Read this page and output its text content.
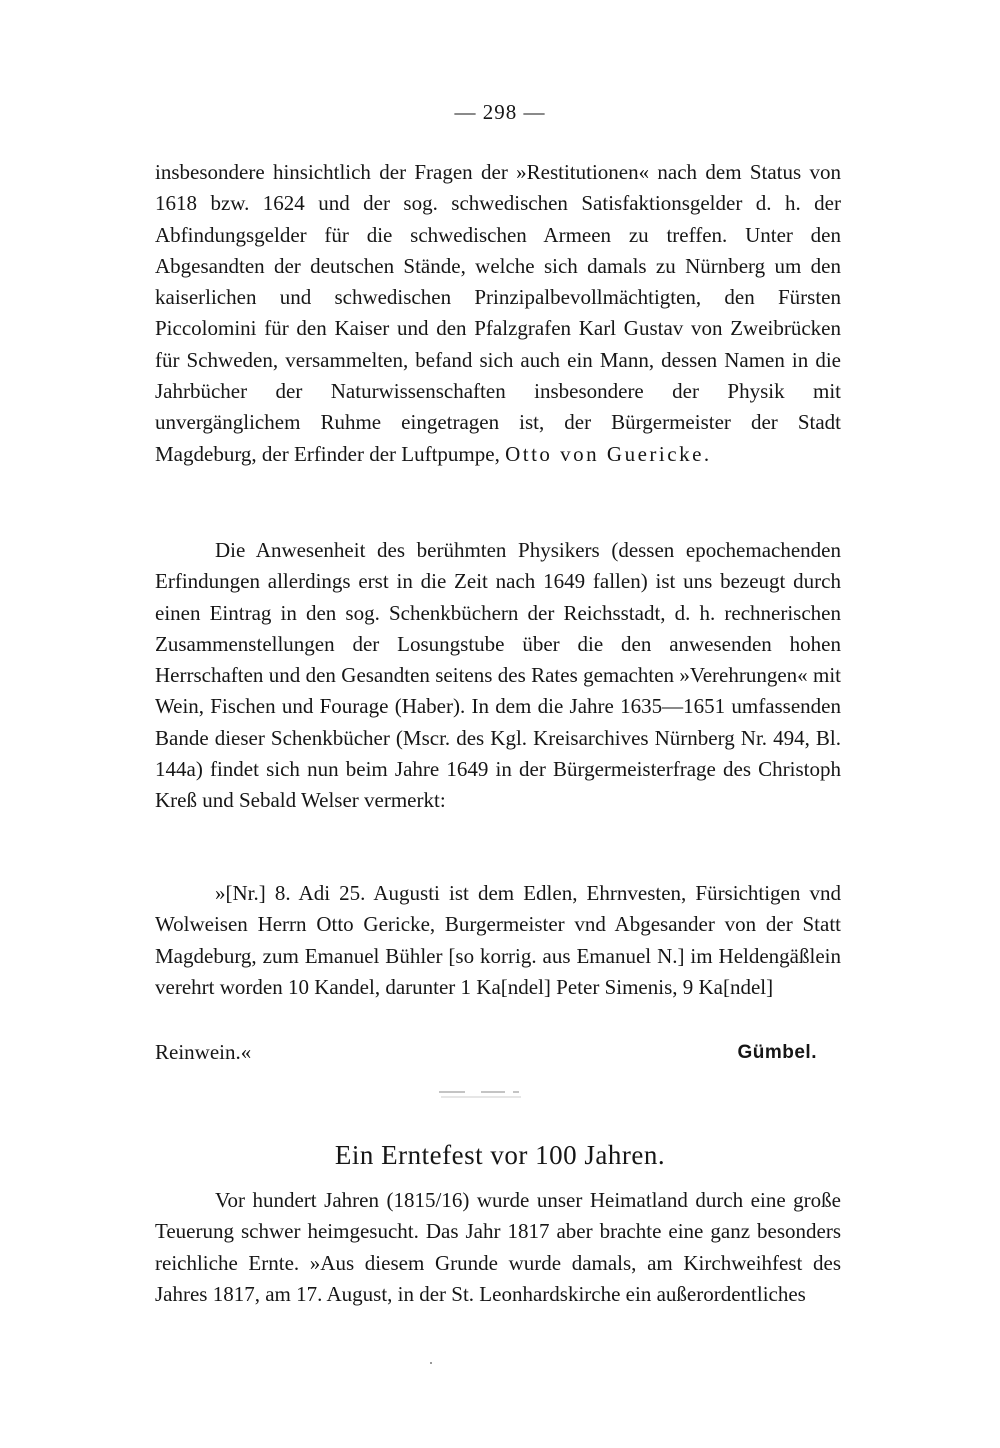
— 298 —

insbesondere hinsichtlich der Fragen der »Restitutionen« nach dem Status von 1618 bzw. 1624 und der sog. schwedischen Satisfaktionsgelder d. h. der Abfindungsgelder für die schwedischen Armeen zu treffen. Unter den Abgesandten der deutschen Stände, welche sich damals zu Nürnberg um den kaiserlichen und schwedischen Prinzipalbevollmächtigten, den Fürsten Piccolomini für den Kaiser und den Pfalzgrafen Karl Gustav von Zweibrücken für Schweden, versammelten, befand sich auch ein Mann, dessen Namen in die Jahrbücher der Naturwissenschaften insbesondere der Physik mit unvergänglichem Ruhme eingetragen ist, der Bürgermeister der Stadt Magdeburg, der Erfinder der Luftpumpe, Otto von Guericke.

Die Anwesenheit des berühmten Physikers (dessen epochemachenden Erfindungen allerdings erst in die Zeit nach 1649 fallen) ist uns bezeugt durch einen Eintrag in den sog. Schenkbüchern der Reichsstadt, d. h. rechnerischen Zusammenstellungen der Losungstube über die den anwesenden hohen Herrschaften und den Gesandten seitens des Rates gemachten »Verehrungen« mit Wein, Fischen und Fourage (Haber). In dem die Jahre 1635—1651 umfassenden Bande dieser Schenkbücher (Mscr. des Kgl. Kreisarchives Nürnberg Nr. 494, Bl. 144a) findet sich nun beim Jahre 1649 in der Bürgermeisterfrage des Christoph Kreß und Sebald Welser vermerkt:

»[Nr.] 8. Adi 25. Augusti ist dem Edlen, Ehrnvesten, Fürsichtigen vnd Wolweisen Herrn Otto Gericke, Burgermeister vnd Abgesander von der Statt Magdeburg, zum Emanuel Bühler [so korrig. aus Emanuel N.] im Heldengäßlein verehrt worden 10 Kandel, darunter 1 Ka[ndel] Peter Simenis, 9 Ka[ndel]

Reinwein.«	Gümbel.
Ein Erntefest vor 100 Jahren.

Vor hundert Jahren (1815/16) wurde unser Heimatland durch eine große Teuerung schwer heimgesucht. Das Jahr 1817 aber brachte eine ganz besonders reichliche Ernte. »Aus diesem Grunde wurde damals, am Kirchweihfest des Jahres 1817, am 17. August, in der St. Leonhardskirche ein außerordentliches
